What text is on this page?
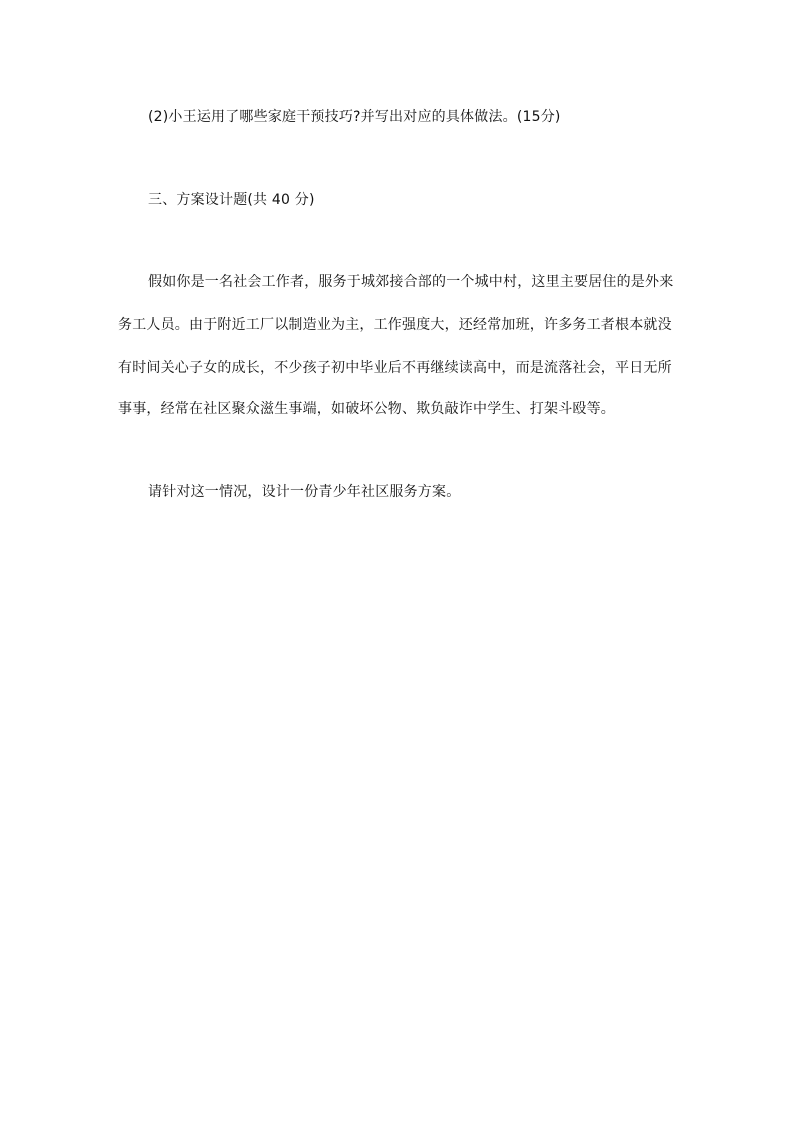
(2)小王运用了哪些家庭干预技巧?并写出对应的具体做法。(15分)
三、方案设计题(共 40 分)
假如你是一名社会工作者，服务于城郊接合部的一个城中村，这里主要居住的是外来
务工人员。由于附近工厂以制造业为主，工作强度大，还经常加班，许多务工者根本就没
有时间关心子女的成长，不少孩子初中毕业后不再继续读高中，而是流落社会，平日无所
事事，经常在社区聚众滋生事端，如破坏公物、欺负敲诈中学生、打架斗殴等。
请针对这一情况，设计一份青少年社区服务方案。
